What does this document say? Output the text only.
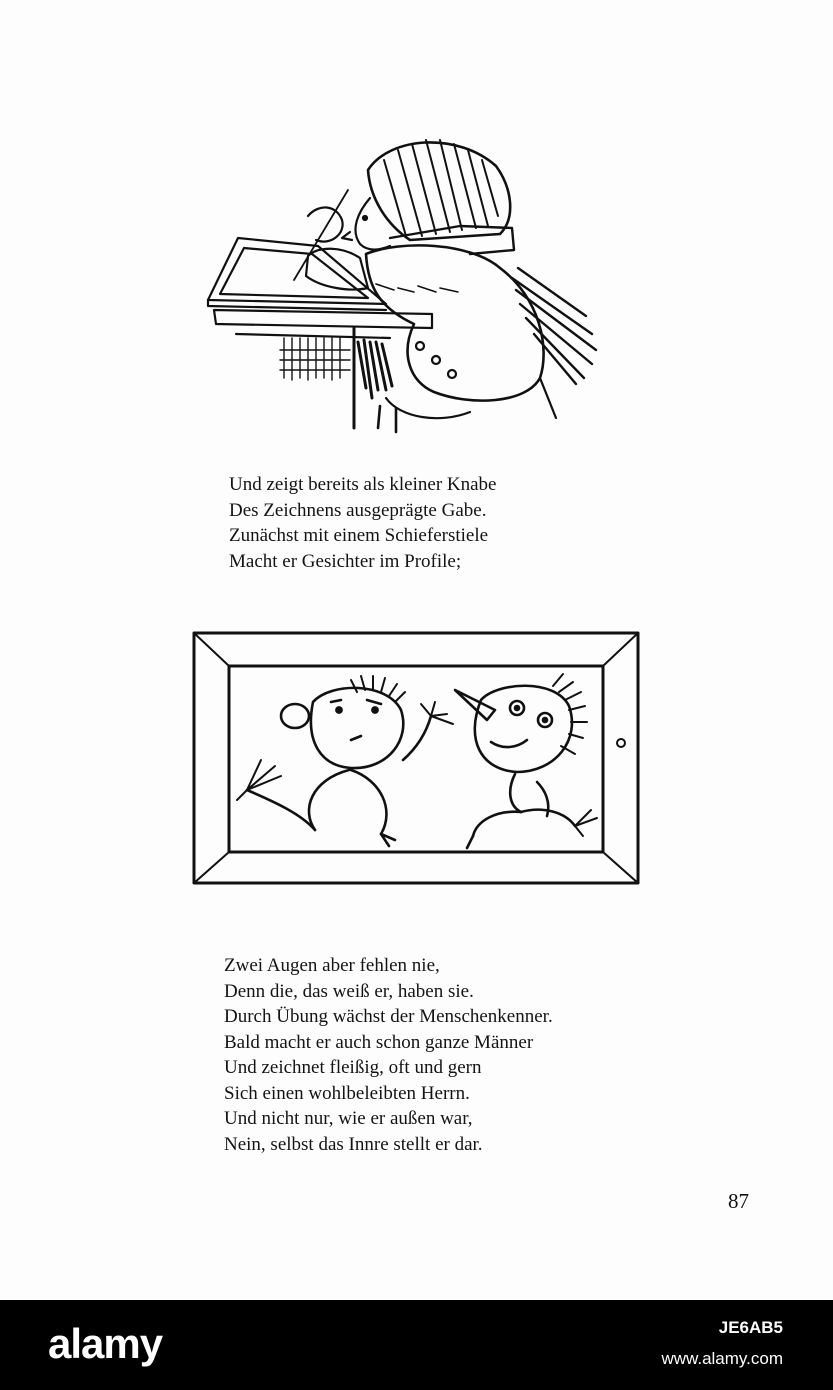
Und zeigt bereits als kleiner Knabe
Des Zeichnens ausgeprägte Gabe.
Zunächst mit einem Schieferstiele
Macht er Gesichter im Profile;
Zwei Augen aber fehlen nie,
Denn die, das weiß er, haben sie.
Durch Übung wächst der Menschenkenner.
Bald macht er auch schon ganze Männer
Und zeichnet fleißig, oft und gern
Sich einen wohlbeleibten Herrn.
Und nicht nur, wie er außen war,
Nein, selbst das Innre stellt er dar.
87
alamy	JE6AB5
www.alamy.com
